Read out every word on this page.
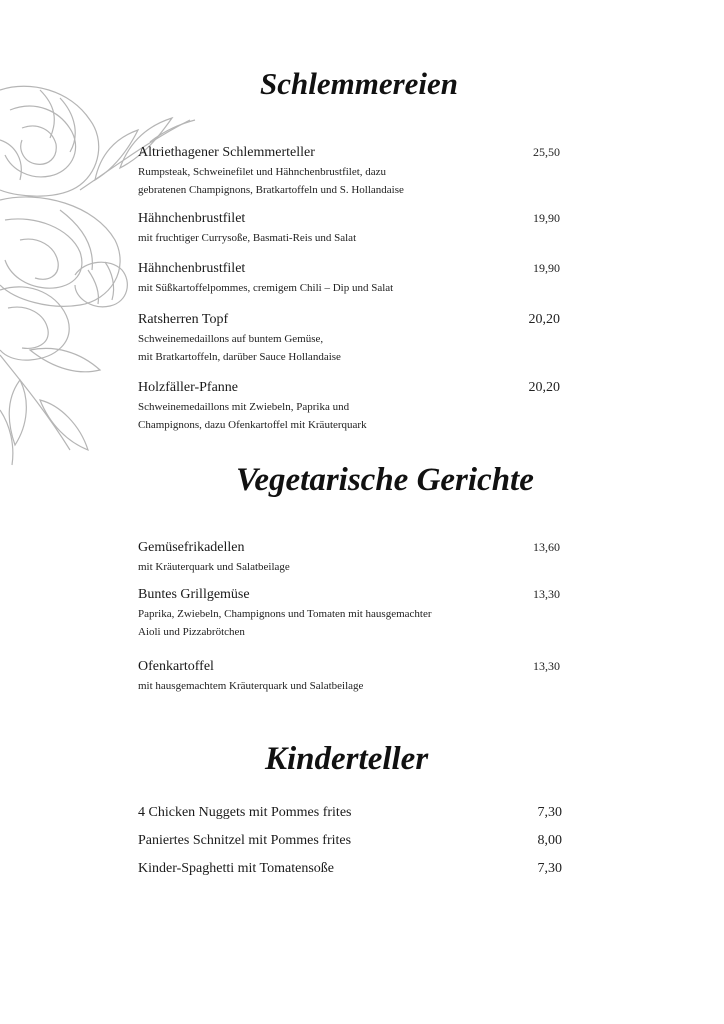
Schlemmereien
Altriethagener Schlemmerteller	25,50
Rumpsteak, Schweinefilet und Hähnchenbrustfilet, dazu
gebratenen Champignons, Bratkartoffeln und S. Hollandaise
Hähnchenbrustfilet	19,90
mit fruchtiger Currysoße, Basmati-Reis und Salat
Hähnchenbrustfilet	19,90
mit Süßkartoffelpommes, cremigem Chili – Dip und Salat
Ratsherren Topf	20,20
Schweinemedaillons auf buntem Gemüse,
mit Bratkartoffeln, darüber Sauce Hollandaise
Holzfäller-Pfanne	20,20
Schweinemedaillons mit Zwiebeln, Paprika und
Champignons, dazu Ofenkartoffel mit Kräuterquark
Vegetarische Gerichte
Gemüsefrikadellen	13,60
mit Kräuterquark und Salatbeilage
Buntes Grillgemüse	13,30
Paprika, Zwiebeln, Champignons und Tomaten mit hausgemachter
Aioli und Pizzabrötchen
Ofenkartoffel	13,30
mit hausgemachtem Kräuterquark und Salatbeilage
Kinderteller
4 Chicken Nuggets mit Pommes frites	7,30
Paniertes Schnitzel mit Pommes frites	8,00
Kinder-Spaghetti mit Tomatensoße	7,30
